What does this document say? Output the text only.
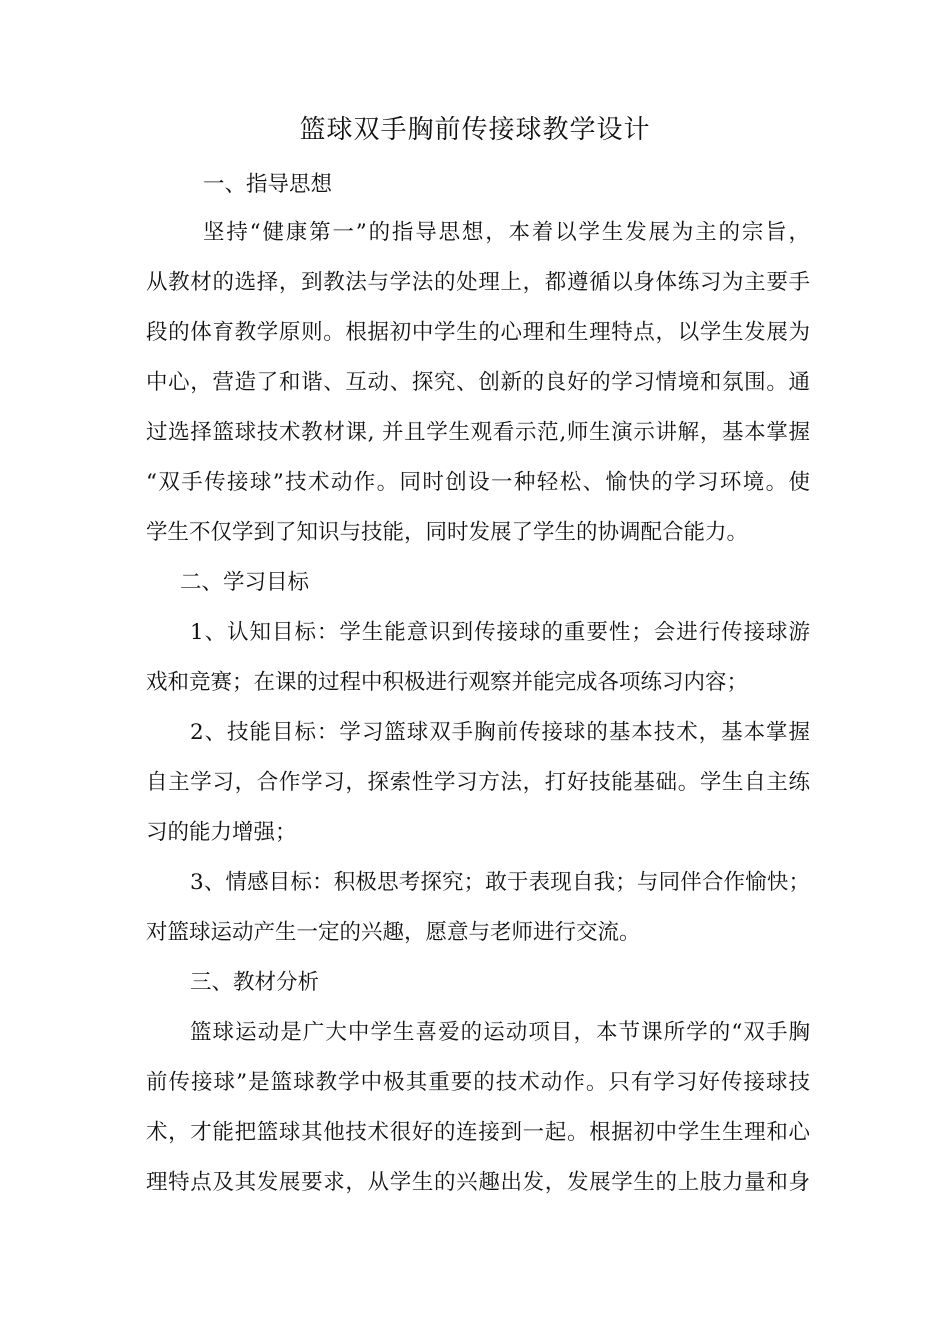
篮球双手胸前传接球教学设计
一、指导思想
坚持“健康第一”的指导思想，本着以学生发展为主的宗旨，
从教材的选择，到教法与学法的处理上，都遵循以身体练习为主要手
段的体育教学原则。根据初中学生的心理和生理特点，以学生发展为
中心，营造了和谐、互动、探究、创新的良好的学习情境和氛围。通
过选择篮球技术教材课, 并且学生观看示范,师生演示讲解，基本掌握
“双手传接球”技术动作。同时创设一种轻松、愉快的学习环境。使
学生不仅学到了知识与技能，同时发展了学生的协调配合能力。
二、学习目标
1、认知目标：学生能意识到传接球的重要性；会进行传接球游
戏和竞赛；在课的过程中积极进行观察并能完成各项练习内容；
2、技能目标：学习篮球双手胸前传接球的基本技术，基本掌握
自主学习，合作学习，探索性学习方法，打好技能基础。学生自主练
习的能力增强；
3、情感目标：积极思考探究；敢于表现自我；与同伴合作愉快；
对篮球运动产生一定的兴趣，愿意与老师进行交流。
三、教材分析
篮球运动是广大中学生喜爱的运动项目，本节课所学的“双手胸
前传接球”是篮球教学中极其重要的技术动作。只有学习好传接球技
术，才能把篮球其他技术很好的连接到一起。根据初中学生生理和心
理特点及其发展要求，从学生的兴趣出发，发展学生的上肢力量和身
